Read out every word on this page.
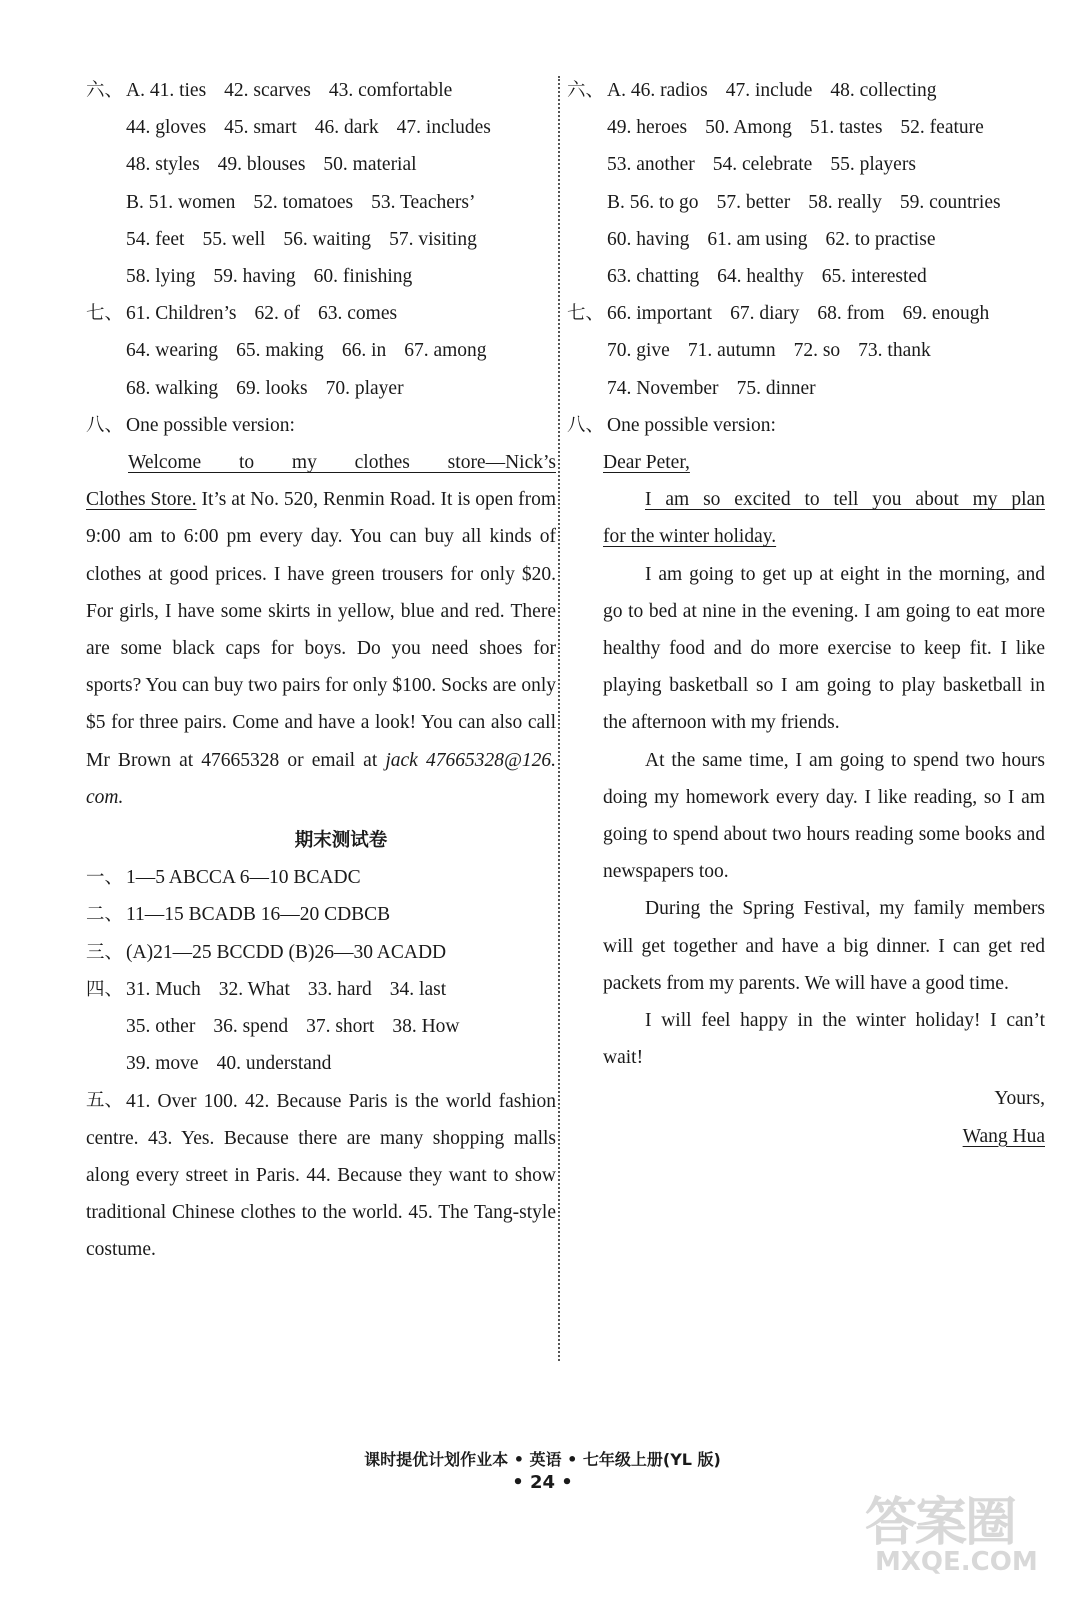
六、 A. 41. ties 42. scarves 43. comfortable
44. gloves 45. smart 46. dark 47. includes
48. styles 49. blouses 50. material
B. 51. women 52. tomatoes 53. Teachers’
54. feet 55. well 56. waiting 57. visiting
58. lying 59. having 60. finishing
七、 61. Children’s 62. of 63. comes
64. wearing 65. making 66. in 67. among
68. walking 69. looks 70. player
八、 One possible version:
Welcome to my clothes store—Nick’s
Clothes Store. It’s at No. 520, Renmin Road. It is open from 9:00 am to 6:00 pm every day. You can buy all kinds of clothes at good prices. I have green trousers for only $20. For girls, I have some skirts in yellow, blue and red. There are some black caps for boys. Do you need shoes for sports? You can buy two pairs for only $100. Socks are only $5 for three pairs. Come and have a look! You can also call Mr Brown at 47665328 or email at jack 47665328@126. com.
期末测试卷
一、 1—5 ABCCA 6—10 BCADC
二、 11—15 BCADB 16—20 CDBCB
三、 (A)21—25 BCCDD (B)26—30 ACADD
四、 31. Much 32. What 33. hard 34. last
35. other 36. spend 37. short 38. How
39. move 40. understand
五、 41. Over 100. 42. Because Paris is the world fashion centre. 43. Yes. Because there are many shopping malls along every street in Paris. 44. Because they want to show traditional Chinese clothes to the world. 45. The Tang-style costume.
六、 A. 46. radios 47. include 48. collecting
49. heroes 50. Among 51. tastes 52. feature
53. another 54. celebrate 55. players
B. 56. to go 57. better 58. really 59. countries
60. having 61. am using 62. to practise
63. chatting 64. healthy 65. interested
七、 66. important 67. diary 68. from 69. enough
70. give 71. autumn 72. so 73. thank
74. November 75. dinner
八、 One possible version:
Dear Peter,
I am so excited to tell you about my plan
for the winter holiday.
I am going to get up at eight in the morning, and go to bed at nine in the evening. I am going to eat more healthy food and do more exercise to keep fit. I like playing basketball so I am going to play basketball in the afternoon with my friends.
At the same time, I am going to spend two hours doing my homework every day. I like reading, so I am going to spend about two hours reading some books and newspapers too.
During the Spring Festival, my family members will get together and have a big dinner. I can get red packets from my parents. We will have a good time.
I will feel happy in the winter holiday! I can’t wait!
Yours,
Wang Hua
课时提优计划作业本 • 英语 • 七年级上册(YL 版)
• 24 •
答案圈
MXQE.COM
